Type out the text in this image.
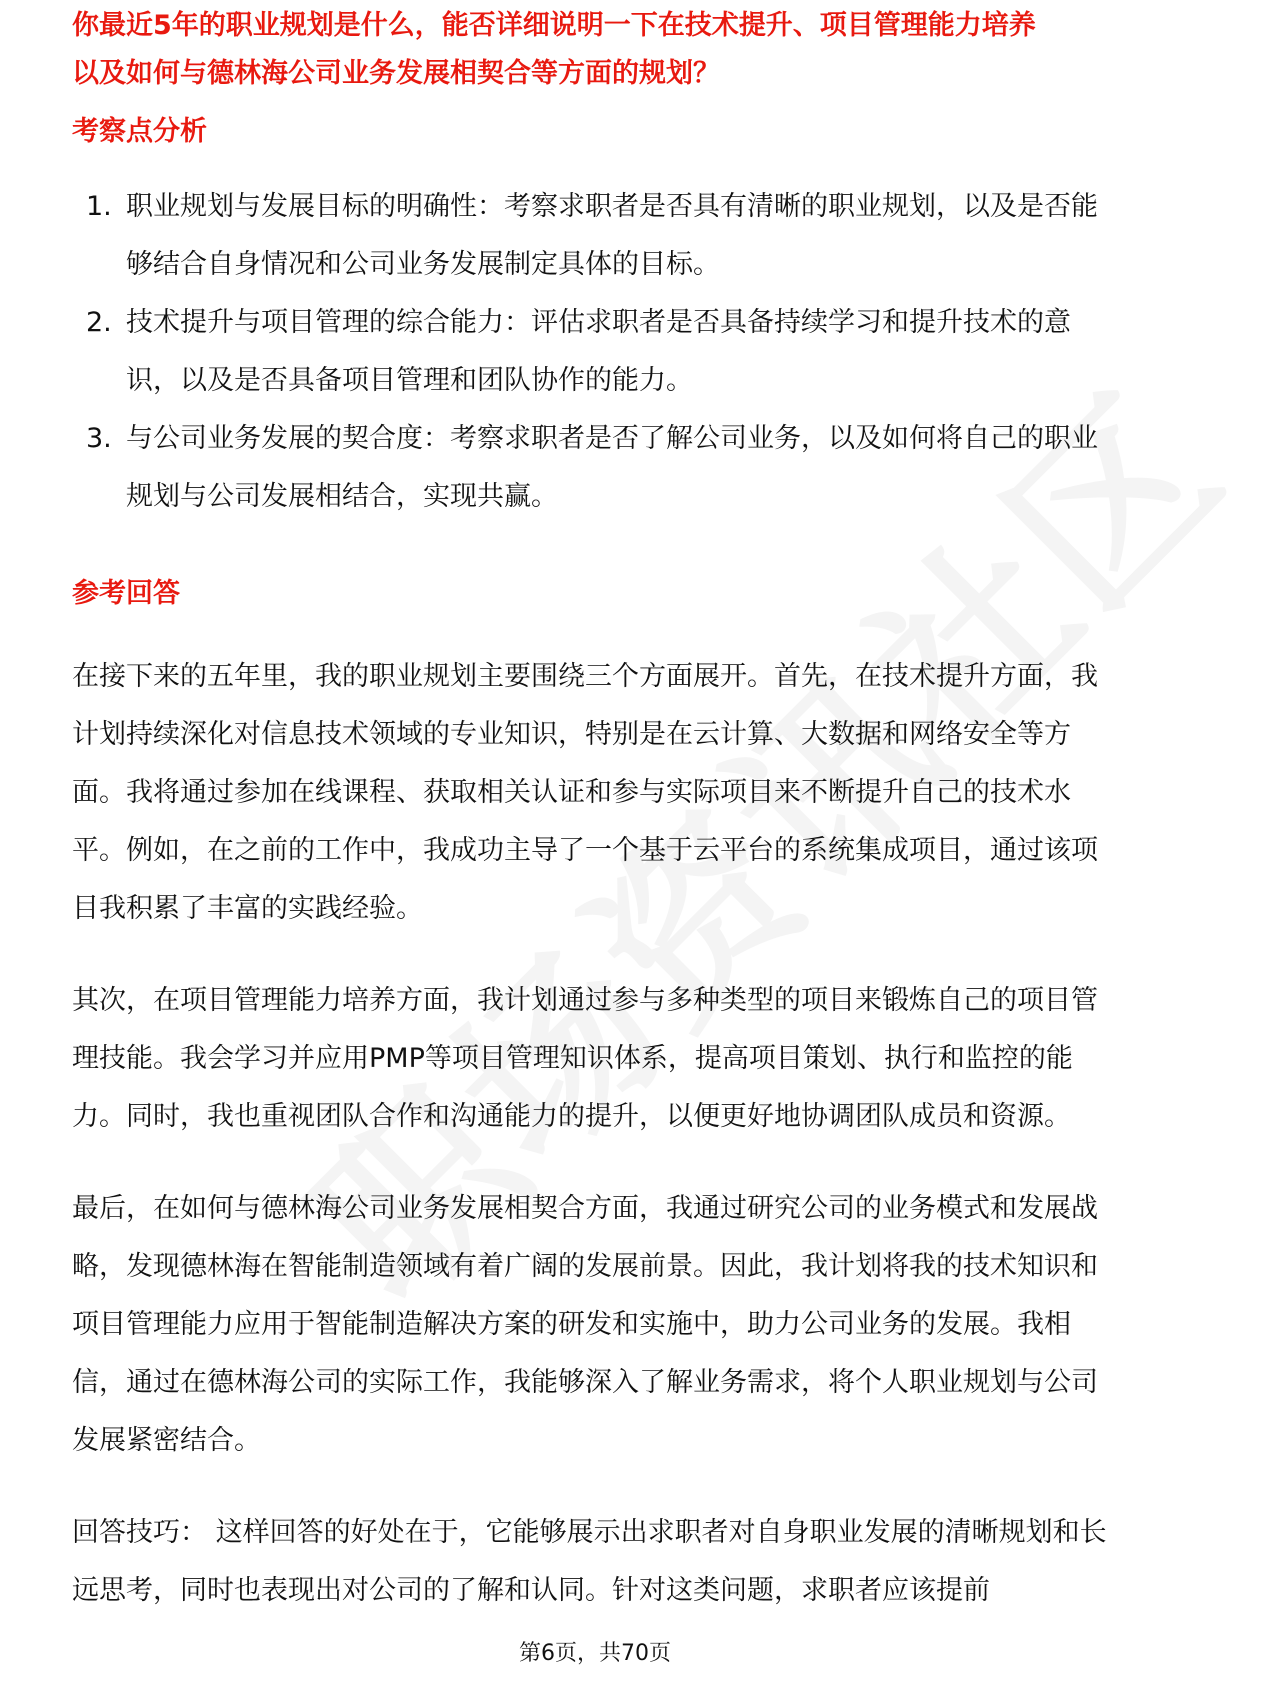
你最近5年的职业规划是什么，能否详细说明一下在技术提升、项目管理能力培养
以及如何与德林海公司业务发展相契合等方面的规划？
考察点分析
1. 职业规划与发展目标的明确性：考察求职者是否具有清晰的职业规划，以及是否能够结合自身情况和公司业务发展制定具体的目标。
2. 技术提升与项目管理的综合能力：评估求职者是否具备持续学习和提升技术的意识，以及是否具备项目管理和团队协作的能力。
3. 与公司业务发展的契合度：考察求职者是否了解公司业务，以及如何将自己的职业规划与公司发展相结合，实现共赢。
参考回答

在接下来的五年里，我的职业规划主要围绕三个方面展开。首先，在技术提升方面，我计划持续深化对信息技术领域的专业知识，特别是在云计算、大数据和网络安全等方面。我将通过参加在线课程、获取相关认证和参与实际项目来不断提升自己的技术水平。例如，在之前的工作中，我成功主导了一个基于云平台的系统集成项目，通过该项目我积累了丰富的实践经验。

其次，在项目管理能力培养方面，我计划通过参与多种类型的项目来锻炼自己的项目管理技能。我会学习并应用PMP等项目管理知识体系，提高项目策划、执行和监控的能力。同时，我也重视团队合作和沟通能力的提升，以便更好地协调团队成员和资源。

最后，在如何与德林海公司业务发展相契合方面，我通过研究公司的业务模式和发展战略，发现德林海在智能制造领域有着广阔的发展前景。因此，我计划将我的技术知识和项目管理能力应用于智能制造解决方案的研发和实施中，助力公司业务的发展。我相信，通过在德林海公司的实际工作，我能够深入了解业务需求，将个人职业规划与公司发展紧密结合。

回答技巧： 这样回答的好处在于，它能够展示出求职者对自身职业发展的清晰规划和长远思考，同时也表现出对公司的了解和认同。针对这类问题，求职者应该提前

第6页，共70页
